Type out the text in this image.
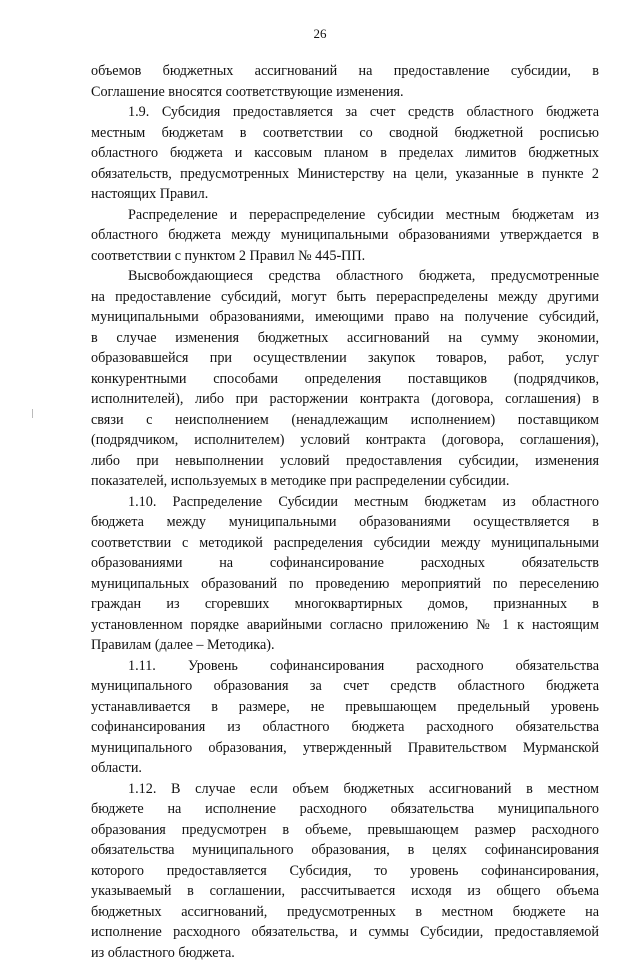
26
объемов бюджетных ассигнований на предоставление субсидии, в
Соглашение вносятся соответствующие изменения.
1.9. Субсидия предоставляется за счет средств областного бюджета
местным бюджетам в соответствии со сводной бюджетной росписью
областного бюджета и кассовым планом в пределах лимитов бюджетных
обязательств, предусмотренных Министерству на цели, указанные в пункте 2
настоящих Правил.
Распределение и перераспределение субсидии местным бюджетам из
областного бюджета между муниципальными образованиями утверждается в
соответствии с пунктом 2 Правил № 445-ПП.
Высвобождающиеся средства областного бюджета, предусмотренные
на предоставление субсидий, могут быть перераспределены между другими
муниципальными образованиями, имеющими право на получение субсидий,
в случае изменения бюджетных ассигнований на сумму экономии,
образовавшейся при осуществлении закупок товаров, работ, услуг
конкурентными способами определения поставщиков (подрядчиков,
исполнителей), либо при расторжении контракта (договора, соглашения) в
связи с неисполнением (ненадлежащим исполнением) поставщиком
(подрядчиком, исполнителем) условий контракта (договора, соглашения),
либо при невыполнении условий предоставления субсидии, изменения
показателей, используемых в методике при распределении субсидии.
1.10. Распределение Субсидии местным бюджетам из областного
бюджета между муниципальными образованиями осуществляется в
соответствии с методикой распределения субсидии между муниципальными
образованиями на софинансирование расходных обязательств
муниципальных образований по проведению мероприятий по переселению
граждан из сгоревших многоквартирных домов, признанных в
установленном порядке аварийными согласно приложению № 1 к настоящим
Правилам (далее – Методика).
1.11. Уровень софинансирования расходного обязательства
муниципального образования за счет средств областного бюджета
устанавливается в размере, не превышающем предельный уровень
софинансирования из областного бюджета расходного обязательства
муниципального образования, утвержденный Правительством Мурманской
области.
1.12. В случае если объем бюджетных ассигнований в местном
бюджете на исполнение расходного обязательства муниципального
образования предусмотрен в объеме, превышающем размер расходного
обязательства муниципального образования, в целях софинансирования
которого предоставляется Субсидия, то уровень софинансирования,
указываемый в соглашении, рассчитывается исходя из общего объема
бюджетных ассигнований, предусмотренных в местном бюджете на
исполнение расходного обязательства, и суммы Субсидии, предоставляемой
из областного бюджета.
